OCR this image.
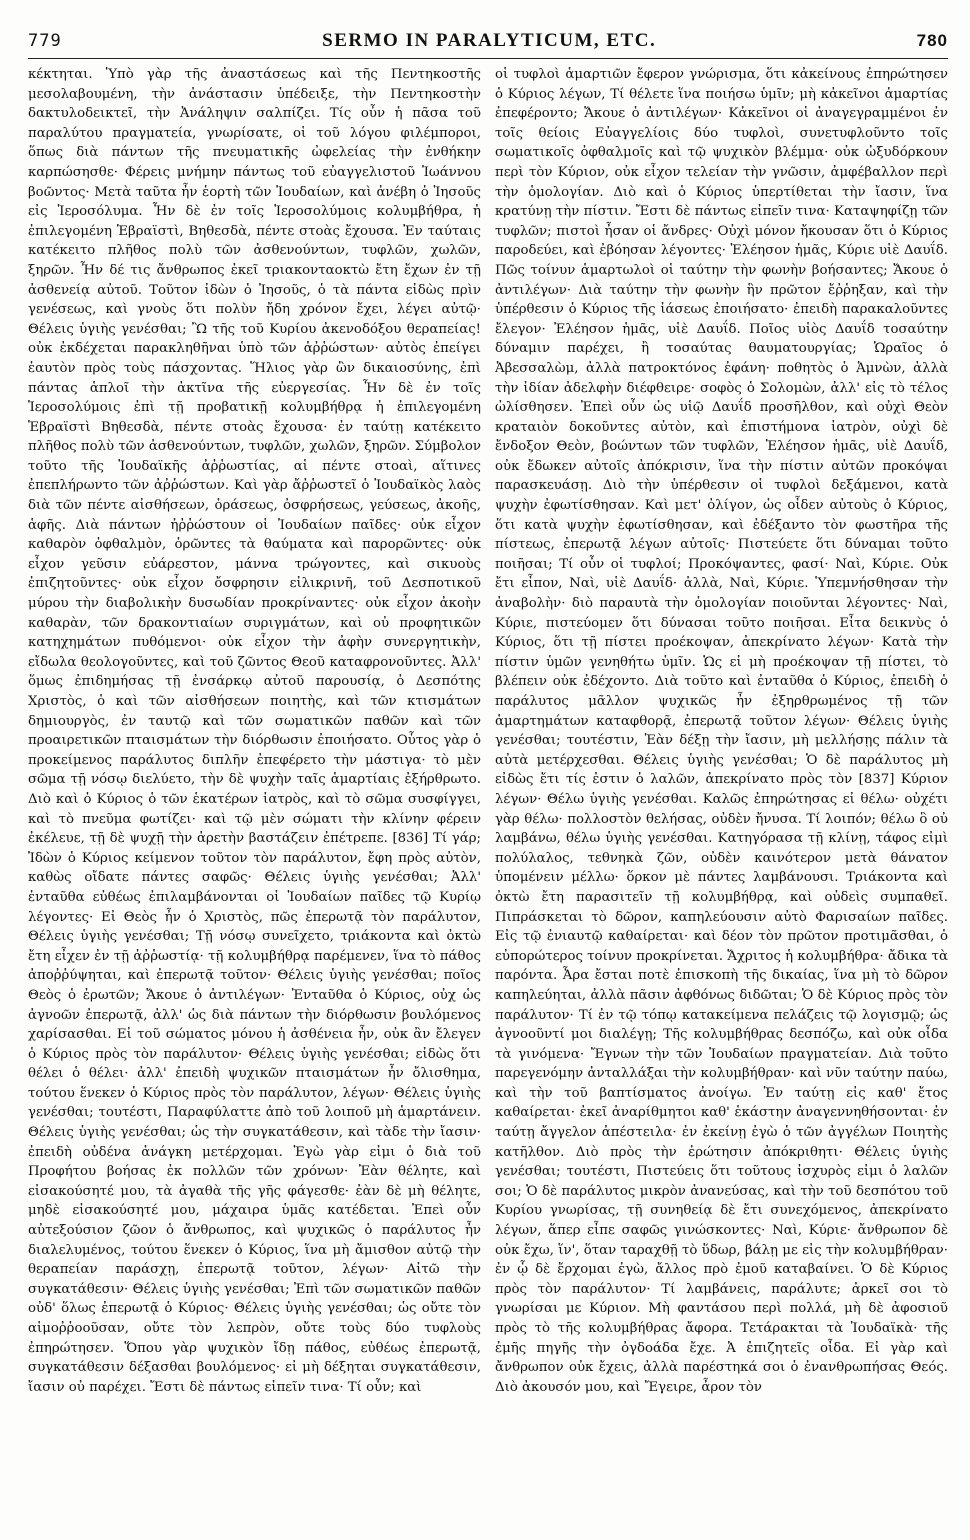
779	SERMO IN PARALYTICUM, ETC.	780

κέκτηται. Ὑπὸ γὰρ τῆς ἀναστάσεως καὶ τῆς Πεντηκοστῆς μεσολαβουμένη, τὴν ἀνάστασιν ὑπέδειξε, τὴν Πεντηκοστὴν δακτυλοδεικτεῖ, τὴν Ἀνάληψιν σαλπίζει. Τίς οὖν ἡ πᾶσα τοῦ παραλύτου πραγματεία, γνωρίσατε, οἱ τοῦ λόγου φιλέμποροι, ὅπως διὰ πάντων τῆς πνευματικῆς ὠφελείας τὴν ἐνθήκην καρπώσησθε· Φέρεις μνήμην πάντως τοῦ εὐαγγελιστοῦ Ἰωάννου βοῶντος· Μετὰ ταῦτα ἦν ἑορτὴ τῶν Ἰουδαίων, καὶ ἀνέβη ὁ Ἰησοῦς εἰς Ἱεροσόλυμα. Ἦν δὲ ἐν τοῖς Ἱεροσολύμοις κολυμβήθρα, ἡ ἐπιλεγομένη Ἑβραϊστὶ, Βηθεσδὰ, πέντε στοὰς ἔχουσα. Ἐν ταύταις κατέκειτο πλῆθος πολὺ τῶν ἀσθενούντων, τυφλῶν, χωλῶν, ξηρῶν. Ἦν δέ τις ἄνθρωπος ἐκεῖ τριακονταοκτὼ ἔτη ἔχων ἐν τῇ ἀσθενείᾳ αὐτοῦ. Τοῦτον ἰδὼν ὁ Ἰησοῦς, ὁ τὰ πάντα εἰδὼς πρὶν γενέσεως, καὶ γνοὺς ὅτι πολὺν ἤδη χρόνον ἔχει, λέγει αὐτῷ· Θέλεις ὑγιὴς γενέσθαι; Ὢ τῆς τοῦ Κυρίου ἀκενοδόξου θεραπείας! οὐκ ἐκδέχεται παρακληθῆναι ὑπὸ τῶν ἀῤῥώστων· αὐτὸς ἐπείγει ἑαυτὸν πρὸς τοὺς πάσχοντας. Ἥλιος γὰρ ὢν δικαιοσύνης, ἐπὶ πάντας ἁπλοῖ τὴν ἀκτῖνα τῆς εὐεργεσίας. Ἦν δὲ ἐν τοῖς Ἱεροσολύμοις ἐπὶ τῇ προβατικῇ κολυμβήθρᾳ ἡ ἐπιλεγομένη Ἑβραϊστὶ Βηθεσδὰ, πέντε στοὰς ἔχουσα· ἐν ταύτῃ κατέκειτο πλῆθος πολὺ τῶν ἀσθενούντων, τυφλῶν, χωλῶν, ξηρῶν. Σύμβολον τοῦτο τῆς Ἰουδαϊκῆς ἀῤῥωστίας, αἱ πέντε στοαὶ, αἵτινες ἐπεπλήρωντο τῶν ἀῤῥώστων. Καὶ γὰρ ἄῤῥωστεῖ ὁ Ἰουδαϊκὸς λαὸς διὰ τῶν πέντε αἰσθήσεων, ὁράσεως, ὀσφρήσεως, γεύσεως, ἀκοῆς, ἁφῆς. Διὰ πάντων ἠῤῥώστουν οἱ Ἰουδαίων παῖδες· οὐκ εἶχον καθαρὸν ὀφθαλμὸν, ὁρῶντες τὰ θαύματα καὶ παρορῶντες· οὐκ εἶχον γεῦσιν εὐάρεστον, μάννα τρώγοντες, καὶ σικυοὺς ἐπιζητοῦντες· οὐκ εἶχον ὄσφρησιν εἰλικρινῆ, τοῦ Δεσποτικοῦ μύρου τὴν διαβολικὴν δυσωδίαν προκρίναντες· οὐκ εἶχον ἀκοὴν καθαρὰν, τῶν δρακοντιαίων συριγμάτων, καὶ οὐ προφητικῶν κατηχημάτων πυθόμενοι· οὐκ εἶχον τὴν ἀφὴν συνεργητικὴν, εἴδωλα θεολογοῦντες, καὶ τοῦ ζῶντος Θεοῦ καταφρονοῦντες. Ἀλλ' ὅμως ἐπιδημήσας τῇ ἐνσάρκῳ αὐτοῦ παρουσίᾳ, ὁ Δεσπότης Χριστὸς, ὁ καὶ τῶν αἰσθήσεων ποιητὴς, καὶ τῶν κτισμάτων δημιουργὸς, ἐν ταυτῷ καὶ τῶν σωματικῶν παθῶν καὶ τῶν προαιρετικῶν πταισμάτων τὴν διόρθωσιν ἐποιήσατο. Οὗτος γὰρ ὁ προκείμενος παράλυτος διπλῆν ἐπεφέρετο τὴν μάστιγα· τὸ μὲν σῶμα τῇ νόσῳ διελύετο, τὴν δὲ ψυχὴν ταῖς ἁμαρτίαις ἐξήρθρωτο. Διὸ καὶ ὁ Κύριος ὁ τῶν ἑκατέρων ἰατρὸς, καὶ τὸ σῶμα συσφίγγει, καὶ τὸ πνεῦμα φωτίζει· καὶ τῷ μὲν σώματι τὴν κλίνην φέρειν ἐκέλευε, τῇ δὲ ψυχῇ τὴν ἀρετὴν βαστάζειν ἐπέτρεπε. [836] Τί γάρ; Ἰδὼν ὁ Κύριος κείμενον τοῦτον τὸν παράλυτον, ἔφη πρὸς αὐτὸν, καθὼς οἴδατε πάντες σαφῶς· Θέλεις ὑγιὴς γενέσθαι; Ἀλλ' ἐνταῦθα εὐθέως ἐπιλαμβάνονται οἱ Ἰουδαίων παῖδες τῷ Κυρίῳ λέγοντες· Εἰ Θεὸς ἦν ὁ Χριστὸς, πῶς ἐπερωτᾷ τὸν παράλυτον, Θέλεις ὑγιὴς γενέσθαι; Τῇ νόσῳ συνεῖχετο, τριάκοντα καὶ ὀκτὼ ἔτη εἶχεν ἐν τῇ ἀῤῥωστίᾳ· τῇ κολυμβήθρᾳ παρέμενεν, ἵνα τὸ πάθος ἀποῤῥύψηται, καὶ ἐπερωτᾷ τοῦτον· Θέλεις ὑγιὴς γενέσθαι; ποῖος Θεὸς ὁ ἐρωτῶν; Ἄκουε ὁ ἀντιλέγων· Ἐνταῦθα ὁ Κύριος, οὐχ ὡς ἀγνοῶν ἐπερωτᾷ, ἀλλ' ὡς διὰ πάντων τὴν διόρθωσιν βουλόμενος χαρίσασθαι. Εἰ τοῦ σώματος μόνου ἡ ἀσθένεια ἦν, οὐκ ἂν ἔλεγεν ὁ Κύριος πρὸς τὸν παράλυτον· Θέλεις ὑγιὴς γενέσθαι; εἰδὼς ὅτι θέλει ὁ θέλει· ἀλλ' ἐπειδὴ ψυχικῶν πταισμάτων ἦν ὄλισθημα, τούτου ἕνεκεν ὁ Κύριος πρὸς τὸν παράλυτον, λέγων· Θέλεις ὑγιὴς γενέσθαι; τουτέστι, Παραφύλαττε ἀπὸ τοῦ λοιποῦ μὴ ἁμαρτάνειν. Θέλεις ὑγιὴς γενέσθαι; ὡς τὴν συγκατάθεσιν, καὶ τὰδε τὴν ἴασιν· ἐπειδὴ οὐδένα ἀνάγκη μετέρχομαι. Ἐγὼ γὰρ εἰμι ὁ διὰ τοῦ Προφήτου βοήσας ἐκ πολλῶν τῶν χρόνων· Ἐὰν θέλητε, καὶ εἰσακούσητέ μου, τὰ ἀγαθὰ τῆς γῆς φάγεσθε· ἐὰν δὲ μὴ θέλητε, μηδὲ εἰσακούσητέ μου, μάχαιρα ὑμᾶς κατέδεται. Ἐπεὶ οὖν αὐτεξούσιον ζῶον ὁ ἄνθρωπος, καὶ ψυχικῶς ὁ παράλυτος ἦν διαλελυμένος, τούτου ἕνεκεν ὁ Κύριος, ἵνα μὴ ἄμισθον αὐτῷ τὴν θεραπείαν παράσχῃ, ἐπερωτᾷ τοῦτον, λέγων· Αἰτῶ τὴν συγκατάθεσιν· Θέλεις ὑγιὴς γενέσθαι; Ἐπὶ τῶν σωματικῶν παθῶν οὐδ' ὅλως ἐπερωτᾷ ὁ Κύριος· Θέλεις ὑγιὴς γενέσθαι; ὡς οὔτε τὸν αἱμοῤῥοοῦσαν, οὔτε τὸν λεπρὸν, οὔτε τοὺς δύο τυφλοὺς ἐπηρώτησεν. Ὅπου γὰρ ψυχικὸν ἴδῃ πάθος, εὐθέως ἐπερωτᾷ, συγκατάθεσιν δέξασθαι βουλόμενος· εἰ μὴ δέξηται συγκατάθεσιν, ἴασιν οὐ παρέχει. Ἔστι δὲ πάντως εἰπεῖν τινα· Τί οὖν; καὶ

οἱ τυφλοὶ ἁμαρτιῶν ἔφερον γνώρισμα, ὅτι κἀκείνους ἐπηρώτησεν ὁ Κύριος λέγων, Τί θέλετε ἵνα ποιήσω ὑμῖν; μὴ κἀκεῖνοι ἁμαρτίας ἐπεφέροντο; Ἄκουε ὁ ἀντιλέγων· Κἀκεῖνοι οἱ ἀναγεγραμμένοι ἐν τοῖς θείοις Εὐαγγελίοις δύο τυφλοὶ, συνετυφλοῦντο τοῖς σωματικοῖς ὀφθαλμοῖς καὶ τῷ ψυχικὸν βλέμμα· οὐκ ὠξυδόρκουν περὶ τὸν Κύριον, οὐκ εἶχον τελείαν τὴν γνῶσιν, ἀμφέβαλλον περὶ τὴν ὁμολογίαν. Διὸ καὶ ὁ Κύριος ὑπερτίθεται τὴν ἴασιν, ἵνα κρατύνῃ τὴν πίστιν. Ἔστι δὲ πάντως εἰπεῖν τινα· Καταψηφίζῃ τῶν τυφλῶν; πιστοὶ ἦσαν οἱ ἄνδρες· Οὐχὶ μόνον ἤκουσαν ὅτι ὁ Κύριος παροδεύει, καὶ ἐβόησαν λέγοντες· Ἐλέησον ἡμᾶς, Κύριε υἱὲ Δαυΐδ. Πῶς τοίνυν ἁμαρτωλοὶ οἱ ταύτην τὴν φωνὴν βοήσαντες; Ἄκουε ὁ ἀντιλέγων· Διὰ ταύτην τὴν φωνὴν ἣν πρῶτον ἔῤῥηξαν, καὶ τὴν ὑπέρθεσιν ὁ Κύριος τῆς ἰάσεως ἐποιήσατο· ἐπειδὴ παρακαλοῦντες ἔλεγον· Ἐλέησον ἡμᾶς, υἱὲ Δαυΐδ. Ποῖος υἱὸς Δαυΐδ τοσαύτην δύναμιν παρέχει, ἢ τοσαύτας θαυματουργίας; Ὡραῖος ὁ Ἀβεσσαλὼμ, ἀλλὰ πατροκτόνος ἐφάνη· ποθητὸς ὁ Ἀμνὼν, ἀλλὰ τὴν ἰδίαν ἀδελφὴν διέφθειρε· σοφὸς ὁ Σολομὼν, ἀλλ' εἰς τὸ τέλος ὠλίσθησεν. Ἐπεὶ οὖν ὡς υἱῷ Δαυΐδ προσῆλθον, καὶ οὐχὶ Θεὸν κραταιὸν δοκοῦντες αὐτὸν, καὶ ἐπιστήμονα ἰατρὸν, οὐχὶ δὲ ἔνδοξον Θεὸν, βοώντων τῶν τυφλῶν, Ἐλέησον ἡμᾶς, υἱὲ Δαυΐδ, οὐκ ἔδωκεν αὐτοῖς ἀπόκρισιν, ἵνα τὴν πίστιν αὐτῶν προκόψαι παρασκευάσῃ. Διὸ τὴν ὑπέρθεσιν οἱ τυφλοὶ δεξάμενοι, κατὰ ψυχὴν ἐφωτίσθησαν. Καὶ μετ' ὀλίγον, ὡς οἶδεν αὐτοὺς ὁ Κύριος, ὅτι κατὰ ψυχὴν ἐφωτίσθησαν, καὶ ἐδέξαντο τὸν φωστῆρα τῆς πίστεως, ἐπερωτᾷ λέγων αὐτοῖς· Πιστεύετε ὅτι δύναμαι τοῦτο ποιῆσαι; Τί οὖν οἱ τυφλοί; Προκόψαντες, φασί· Ναὶ, Κύριε. Οὐκ ἔτι εἶπον, Ναὶ, υἱὲ Δαυΐδ· ἀλλὰ, Ναὶ, Κύριε. Ὑπεμνήσθησαν τὴν ἀναβολὴν· διὸ παραυτὰ τὴν ὁμολογίαν ποιοῦνται λέγοντες· Ναὶ, Κύριε, πιστεύομεν ὅτι δύνασαι τοῦτο ποιῆσαι. Εἶτα δεικνὺς ὁ Κύριος, ὅτι τῇ πίστει προέκοψαν, ἀπεκρίνατο λέγων· Κατὰ τὴν πίστιν ὑμῶν γενηθήτω ὑμῖν. Ὡς εἰ μὴ προέκοψαν τῇ πίστει, τὸ βλέπειν οὐκ ἐδέχοντο. Διὰ τοῦτο καὶ ἐνταῦθα ὁ Κύριος, ἐπειδὴ ὁ παράλυτος μᾶλλον ψυχικῶς ἦν ἐξηρθρωμένος τῇ τῶν ἁμαρτημάτων καταφθορᾷ, ἐπερωτᾷ τοῦτον λέγων· Θέλεις ὑγιὴς γενέσθαι; τουτέστιν, Ἐὰν δέξῃ τὴν ἴασιν, μὴ μελλήσῃς πάλιν τὰ αὐτὰ μετέρχεσθαι. Θέλεις ὑγιὴς γενέσθαι; Ὁ δὲ παράλυτος μὴ εἰδὼς ἔτι τίς ἐστιν ὁ λαλῶν, ἀπεκρίνατο πρὸς τὸν [837] Κύριον λέγων· Θέλω ὑγιὴς γενέσθαι. Καλῶς ἐπηρώτησας εἰ θέλω· οὐχέτι γὰρ θέλω· πολλοστὸν θελήσας, οὐδὲν ἤνυσα. Τί λοιπόν; θέλω ὃ οὐ λαμβάνω, θέλω ὑγιὴς γενέσθαι. Κατηγόρασα τῇ κλίνῃ, τάφος εἰμὶ πολύλαλος, τεθνηκὰ ζῶν, οὐδὲν καινότερον μετὰ θάνατον ὑπομένειν μέλλω· ὅρκον μὲ πάντες λαμβάνουσι. Τριάκοντα καὶ ὀκτὼ ἔτη παρασιτεῖν τῇ κολυμβήθρᾳ, καὶ οὐδεὶς συμπαθεῖ. Πιπράσκεται τὸ δῶρον, καπηλεύουσιν αὐτὸ Φαρισαίων παῖδες. Εἰς τῷ ἐνιαυτῷ καθαίρεται· καὶ δέον τὸν πρῶτον προτιμᾶσθαι, ὁ εὐπορώτερος τοίνυν προκρίνεται. Ἄχριτος ἡ κολυμβήθρα· ἄδικα τὰ παρόντα. Ἆρα ἔσται ποτὲ ἐπισκοπὴ τῆς δικαίας, ἵνα μὴ τὸ δῶρον καπηλεύηται, ἀλλὰ πᾶσιν ἀφθόνως διδῶται; Ὁ δὲ Κύριος πρὸς τὸν παράλυτον· Τί ἐν τῷ τόπῳ κατακείμενα πελάζεις τῷ λογισμῷ; ὡς ἀγνοοῦντί μοι διαλέγῃ; Τῆς κολυμβήθρας δεσπόζω, καὶ οὐκ οἶδα τὰ γινόμενα· Ἔγνων τὴν τῶν Ἰουδαίων πραγματείαν. Διὰ τοῦτο παρεγενόμην ἀνταλλάξαι τὴν κολυμβήθραν· καὶ νῦν ταύτην παύω, καὶ τὴν τοῦ βαπτίσματος ἀνοίγω. Ἐν ταύτῃ εἰς καθ' ἔτος καθαίρεται· ἐκεῖ ἀναρίθμητοι καθ' ἑκάστην ἀναγεννηθήσονται· ἐν ταύτῃ ἄγγελον ἀπέστειλα· ἐν ἐκείνῃ ἐγὼ ὁ τῶν ἀγγέλων Ποιητὴς κατῆλθον. Διὸ πρὸς τὴν ἐρώτησιν ἀπόκριθητι· Θέλεις ὑγιὴς γενέσθαι; τουτέστι, Πιστεύεις ὅτι τοῦτους ἰσχυρὸς εἰμι ὁ λαλῶν σοι; Ὁ δὲ παράλυτος μικρὸν ἀνανεύσας, καὶ τὴν τοῦ δεσπότου τοῦ Κυρίου γνωρίσας, τῇ συνηθείᾳ δὲ ἔτι συνεχόμενος, ἀπεκρίνατο λέγων, ἅπερ εἶπε σαφῶς γινώσκοντες· Ναὶ, Κύριε· ἄνθρωπον δὲ οὐκ ἔχω, ἵν', ὅταν ταραχθῇ τὸ ὕδωρ, βάλῃ με εἰς τὴν κολυμβήθραν· ἐν ᾧ δὲ ἔρχομαι ἐγὼ, ἄλλος πρὸ ἐμοῦ καταβαίνει. Ὁ δὲ Κύριος πρὸς τὸν παράλυτον· Τί λαμβάνεις, παράλυτε; ἀρκεῖ σοι τὸ γνωρίσαι με Κύριον. Μὴ φαντάσου περὶ πολλά, μὴ δὲ ἀφοσιοῦ πρὸς τὸ τῆς κολυμβήθρας ἄφορα. Τετάρακται τὰ Ἰουδαϊκὰ· τῆς ἐμῆς πηγῆς τὴν ὀγδοάδα ἔχε. Ἀ ἐπιζητεῖς οἶδα. Εἰ γὰρ καὶ ἄνθρωπον οὐκ ἔχεις, ἀλλὰ παρέστηκά σοι ὁ ἐνανθρωπήσας Θεός. Διὸ ἀκουσόν μου, καὶ Ἔγειρε, ἆρον τὸν
